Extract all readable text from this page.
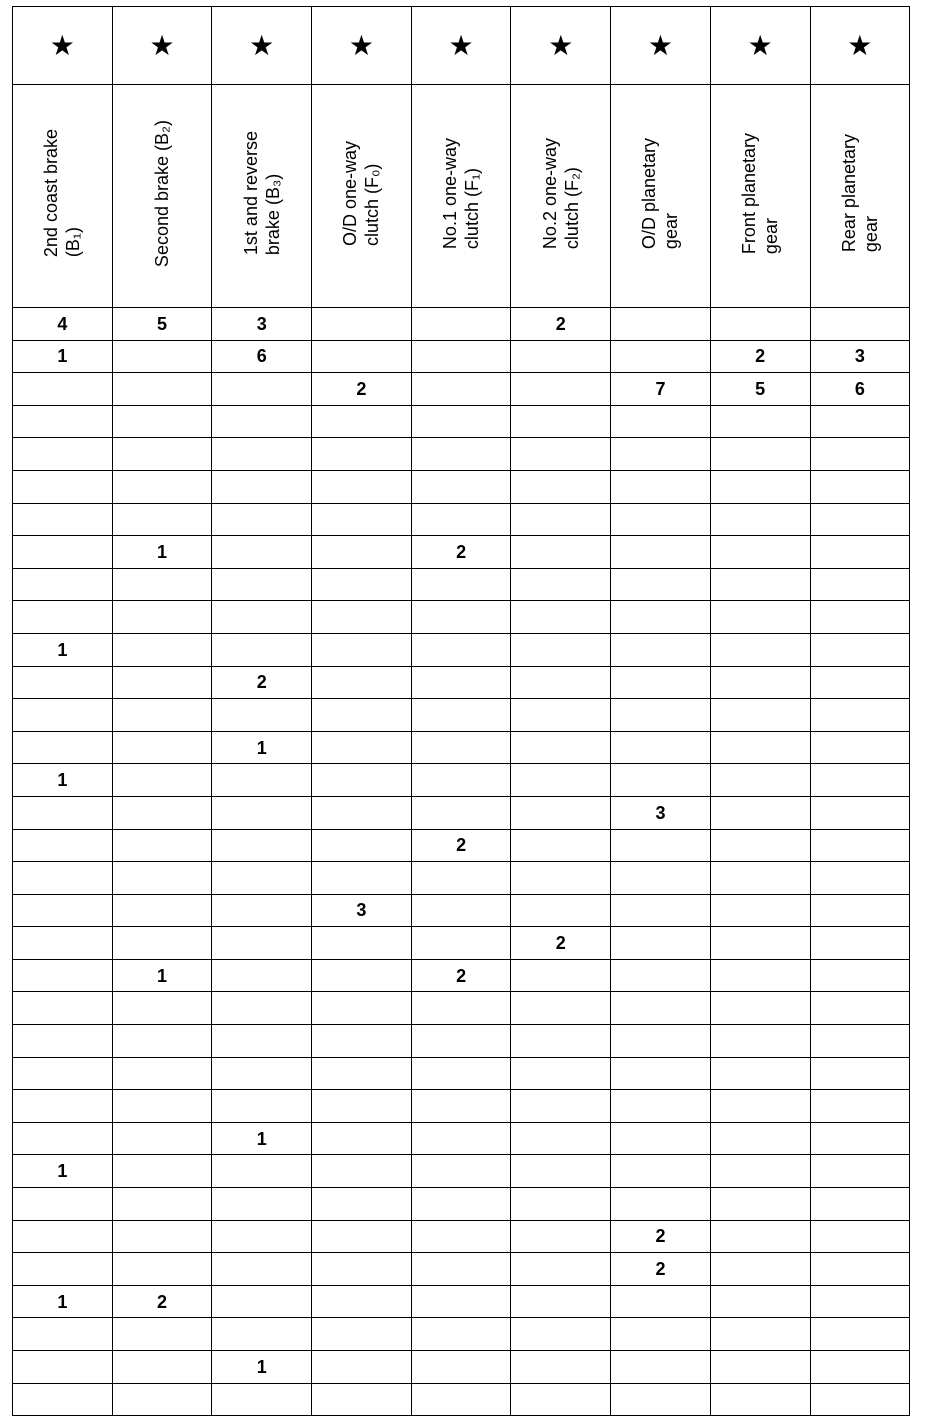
★	★	★	★	★	★	★	★	★

2nd coast brake (B₁)	Second brake (B₂)	1st and reverse brake (B₃)	O/D one-way clutch (F₀)	No.1 one-way clutch (F₁)	No.2 one-way clutch (F₂)	O/D planetary gear	Front planetary gear	Rear planetary gear

4	5	3			2			
1		6					2	3
			2			7	5	6

	1			2				

1								
		2						

		1						
1								
						3		
				2				

			3					
					2			
	1			2				

		1						
1								

						2		
						2		
1	2							

		1						
